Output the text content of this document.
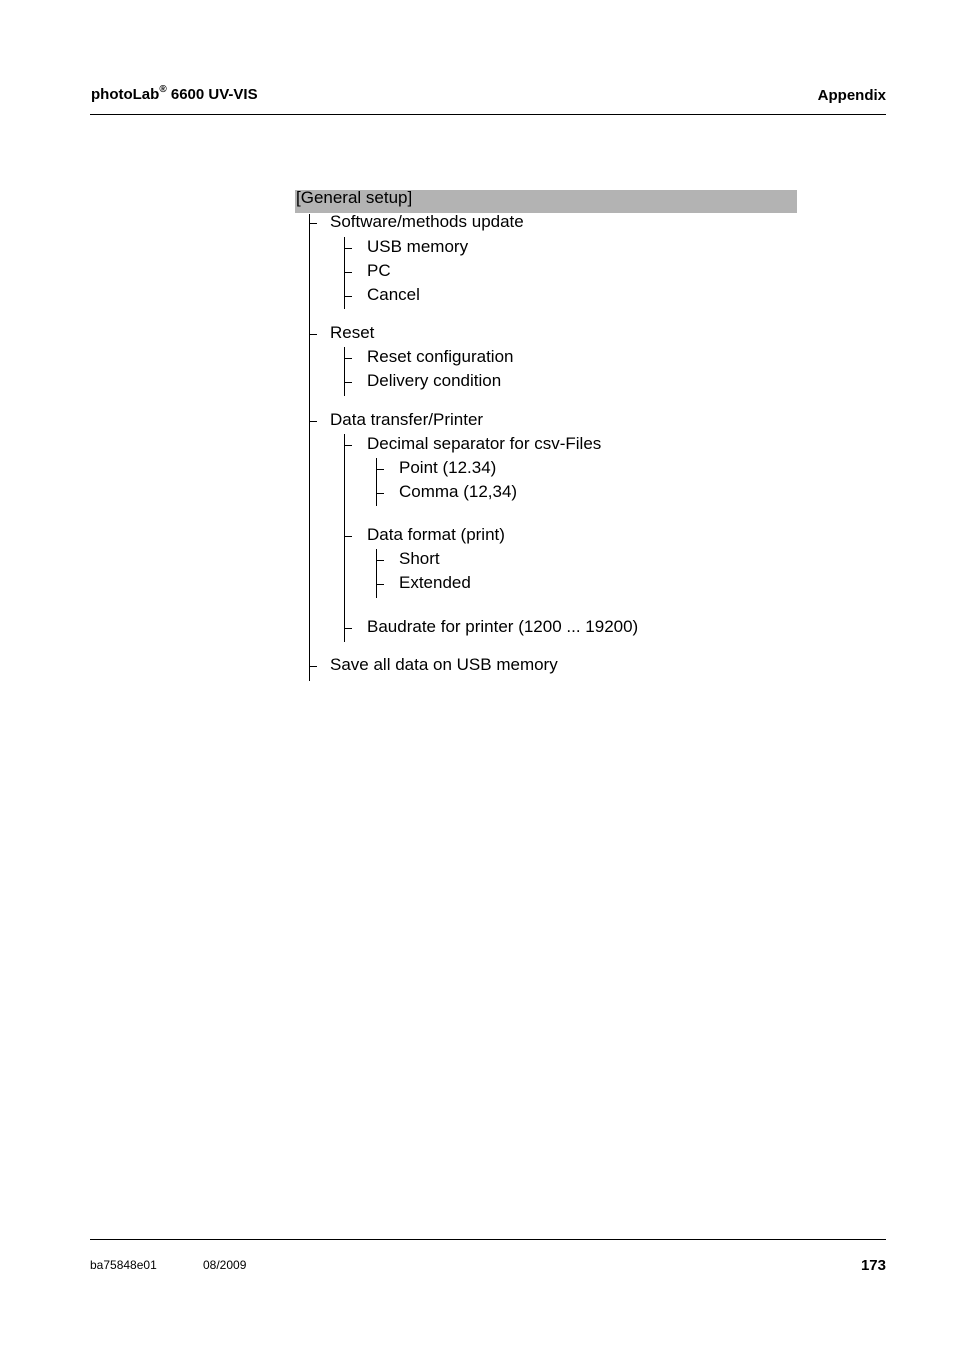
photoLab® 6600 UV-VIS	Appendix
[General setup]
Software/methods update
USB memory
PC
Cancel
Reset
Reset configuration
Delivery condition
Data transfer/Printer
Decimal separator for csv-Files
Point (12.34)
Comma (12,34)
Data format (print)
Short
Extended
Baudrate for printer (1200 ... 19200)
Save all data on USB memory
ba75848e01	08/2009	173
